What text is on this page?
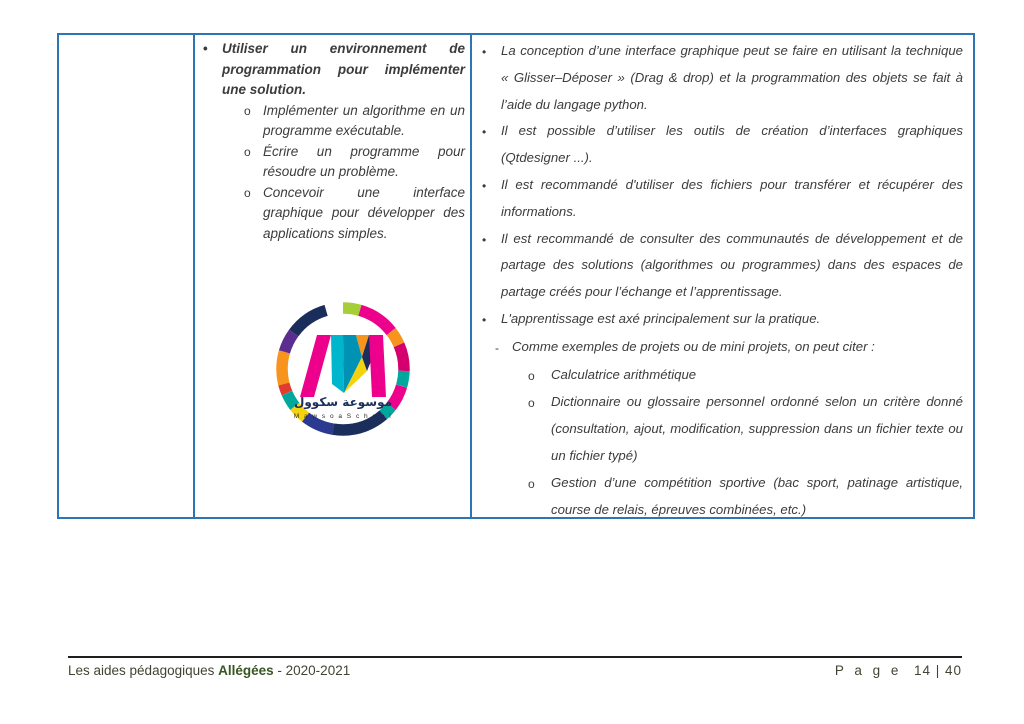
•	Utiliser un environnement de programmation pour implémenter une solution.
o Implémenter un algorithme en un programme exécutable.
o Écrire un programme pour résoudre un problème.
o Concevoir une interface graphique pour développer des applications simples.
•	La conception d’une interface graphique peut se faire en utilisant la technique « Glisser–Déposer » (Drag & drop) et la programmation des objets se fait à l’aide du langage python.
•	Il est possible d’utiliser les outils de création d’interfaces graphiques (Qtdesigner ...).
•	Il est recommandé d'utiliser des fichiers pour transférer et récupérer des informations.
•	Il est recommandé de consulter des communautés de développement et de partage des solutions (algorithmes ou programmes) dans des espaces de partage créés pour l’échange et l’apprentissage.
•	L'apprentissage est axé principalement sur la pratique.
- Comme exemples de projets ou de mini projets, on peut citer :
o	Calculatrice arithmétique
o	Dictionnaire ou glossaire personnel ordonné selon un critère donné (consultation, ajout, modification, suppression dans un fichier texte ou un fichier typé)
o	Gestion d’une compétition sportive (bac sport, patinage artistique, course de relais, épreuves combinées, etc.)
موسوعة سكوول
M a w s o a S c h o o l
Les aides pédagogiques Allégées - 2020-2021	P a g e 14 | 40
